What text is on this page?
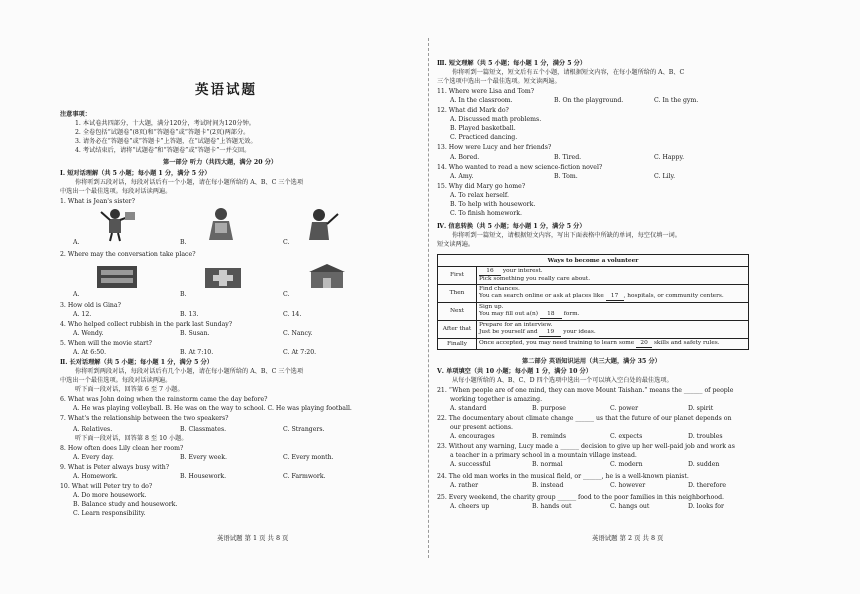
英语试题
注意事项：
1. 本试卷共四部分，十大题，满分120分，考试时间为120分钟。
2. 全卷包括“试题卷”(8页)和“答题卷”或“答题卡”(2页)两部分。
3. 请务必在“答题卷”或“答题卡”上答题，在“试题卷”上答题无效。
4. 考试结束后，请将“试题卷”和“答题卷”或“答题卡”一并交回。
第一部分 听力（共四大题，满分 20 分）
Ⅰ. 短对话理解（共 5 小题；每小题 1 分，满分 5 分）
你将听到五段对话，每段对话后有一个小题，请在每小题所给的 A、B、C 三个选项
中选出一个最佳选项。每段对话读两遍。
1. What is Jean's sister?
A.	B.	C.
2. Where may the conversation take place?
A.	B.	C.
3. How old is Gina?
A. 12.	B. 13.	C. 14.
4. Who helped collect rubbish in the park last Sunday?
A. Wendy.	B. Susan.	C. Nancy.
5. When will the movie start?
A. At 6:50.	B. At 7:10.	C. At 7:20.
Ⅱ. 长对话理解（共 5 小题；每小题 1 分，满分 5 分）
你将听到两段对话，每段对话后有几个小题，请在每小题所给的 A、B、C 三个选项
中选出一个最佳选项。每段对话读两遍。
听下面一段对话，回答第 6 至 7 小题。
6. What was John doing when the rainstorm came the day before?
A. He was playing volleyball. B. He was on the way to school. C. He was playing football.
7. What's the relationship between the two speakers?
A. Relatives.	B. Classmates.	C. Strangers.
听下面一段对话，回答第 8 至 10 小题。
8. How often does Lily clean her room?
A. Every day.	B. Every week.	C. Every month.
9. What is Peter always busy with?
A. Homework.	B. Housework.	C. Farmwork.
10. What will Peter try to do?
A. Do more housework.
B. Balance study and housework.
C. Learn responsibility.
英语试题 第 1 页 共 8 页
Ⅲ. 短文理解（共 5 小题；每小题 1 分，满分 5 分）
你将听到一篇短文，短文后有五个小题，请根据短文内容，在每小题所给的 A、B、C
三个选项中选出一个最佳选项。短文读两遍。
11. Where were Lisa and Tom?
A. In the classroom.	B. On the playground.	C. In the gym.
12. What did Mark do?
A. Discussed math problems.
B. Played basketball.
C. Practiced dancing.
13. How were Lucy and her friends?
A. Bored.	B. Tired.	C. Happy.
14. Who wanted to read a new science-fiction novel?
A. Amy.	B. Tom.	C. Lily.
15. Why did Mary go home?
A. To relax herself.
B. To help with housework.
C. To finish homework.
Ⅳ. 信息转换（共 5 小题；每小题 1 分，满分 5 分）
你将听到一篇短文，请根据短文内容，写出下面表格中所缺的单词，每空仅填一词。
短文读两遍。
Ways to become a volunteer	
First	16 your interest.
Pick something you really care about.
Then	Find chances.
You can search online or ask at places like 17 , hospitals, or community centers.
Next	Sign up.
You may fill out a(n) 18 form.
After that	Prepare for an interview.
Just be yourself and 19 your ideas.
Finally	Once accepted, you may need training to learn some 20 skills and safety rules.
第二部分 英语知识运用（共三大题，满分 35 分）
Ⅴ. 单项填空（共 10 小题；每小题 1 分，满分 10 分）
从每小题所给的 A、B、C、D 四个选项中选出一个可以填入空白处的最佳选项。
21. “When people are of one mind, they can move Mount Taishan.” means the ______ of people
working together is amazing.
A. standard	B. purpose	C. power	D. spirit
22. The documentary about climate change ______ us that the future of our planet depends on
our present actions.
A. encourages	B. reminds	C. expects	D. troubles
23. Without any warning, Lucy made a ______ decision to give up her well-paid job and work as
a teacher in a primary school in a mountain village instead.
A. successful	B. normal	C. modern	D. sudden
24. The old man works in the musical field, or ______, he is a well-known pianist.
A. rather	B. instead	C. however	D. therefore
25. Every weekend, the charity group ______ food to the poor families in this neighborhood.
A. cheers up	B. hands out	C. hangs out	D. looks for
英语试题 第 2 页 共 8 页
